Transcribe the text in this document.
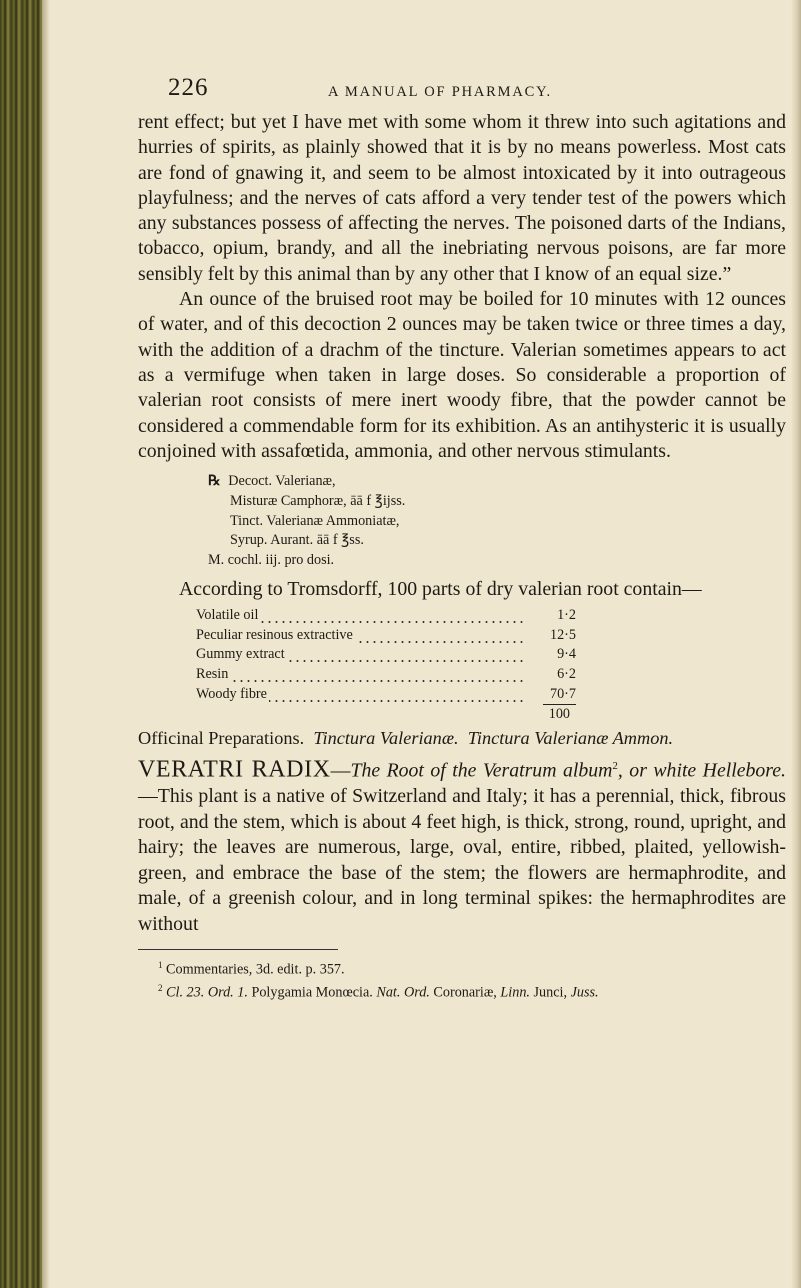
226	A MANUAL OF PHARMACY.

rent effect; but yet I have met with some whom it threw into such agitations and hurries of spirits, as plainly showed that it is by no means powerless. Most cats are fond of gnawing it, and seem to be almost intoxicated by it into outrageous playfulness; and the nerves of cats afford a very tender test of the powers which any substances possess of affecting the nerves. The poisoned darts of the Indians, tobacco, opium, brandy, and all the inebriating nervous poisons, are far more sensibly felt by this animal than by any other that I know of an equal size.”

An ounce of the bruised root may be boiled for 10 minutes with 12 ounces of water, and of this decoction 2 ounces may be taken twice or three times a day, with the addition of a drachm of the tincture. Valerian sometimes appears to act as a vermifuge when taken in large doses. So considerable a proportion of valerian root consists of mere inert woody fibre, that the powder cannot be considered a commendable form for its exhibition. As an antihysteric it is usually conjoined with assafœtida, ammonia, and other nervous stimulants.

℞ Decoct. Valerianæ,
Misturæ Camphoræ, āā f ℥ijss.
Tinct. Valerianæ Ammoniatæ,
Syrup. Aurant. āā f ℥ss.
M. cochl. iij. pro dosi.

According to Tromsdorff, 100 parts of dry valerian root contain—

Volatile oil	1·2
Peculiar resinous extractive	12·5
Gummy extract	9·4
Resin	6·2
Woody fibre	70·7
100

Officinal Preparations. Tinctura Valerianæ. Tinctura Valerianæ Ammon.

VERATRI RADIX—The Root of the Veratrum album$^2$, or white Hellebore.—This plant is a native of Switzerland and Italy; it has a perennial, thick, fibrous root, and the stem, which is about 4 feet high, is thick, strong, round, upright, and hairy; the leaves are numerous, large, oval, entire, ribbed, plaited, yellowish-green, and embrace the base of the stem; the flowers are hermaphrodite, and male, of a greenish colour, and in long terminal spikes: the hermaphrodites are without

$^1$ Commentaries, 3d. edit. p. 357.

$^2$ Cl. 23. Ord. 1. Polygamia Monœcia. Nat. Ord. Coronariæ, Linn. Junci, Juss.
